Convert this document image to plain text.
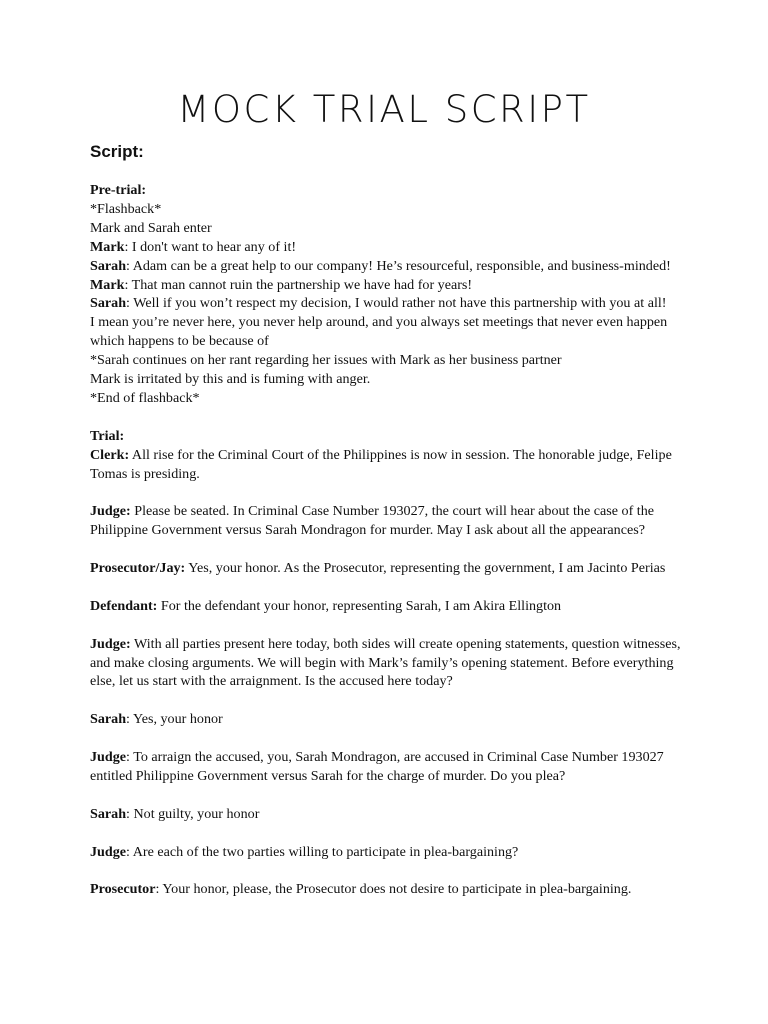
MOCK TRIAL SCRIPT
Script:
Pre-trial:
*Flashback*
Mark and Sarah enter
Mark: I don't want to hear any of it!
Sarah: Adam can be a great help to our company! He’s resourceful, responsible, and business-minded!
Mark: That man cannot ruin the partnership we have had for years!
Sarah: Well if you won’t respect my decision, I would rather not have this partnership with you at all!
I mean you’re never here, you never help around, and you always set meetings that never even happen
which happens to be because of
*Sarah continues on her rant regarding her issues with Mark as her business partner
Mark is irritated by this and is fuming with anger.
*End of flashback*
Trial:
Clerk: All rise for the Criminal Court of the Philippines is now in session. The honorable judge, Felipe Tomas is presiding.
Judge: Please be seated. In Criminal Case Number 193027, the court will hear about the case of the Philippine Government versus Sarah Mondragon for murder. May I ask about all the appearances?
Prosecutor/Jay: Yes, your honor. As the Prosecutor, representing the government, I am Jacinto Perias
Defendant: For the defendant your honor, representing Sarah, I am Akira Ellington
Judge: With all parties present here today, both sides will create opening statements, question witnesses, and make closing arguments. We will begin with Mark’s family’s opening statement. Before everything else, let us start with the arraignment. Is the accused here today?
Sarah: Yes, your honor
Judge: To arraign the accused, you, Sarah Mondragon, are accused in Criminal Case Number 193027 entitled Philippine Government versus Sarah for the charge of murder. Do you plea?
Sarah: Not guilty, your honor
Judge: Are each of the two parties willing to participate in plea-bargaining?
Prosecutor: Your honor, please, the Prosecutor does not desire to participate in plea-bargaining.
